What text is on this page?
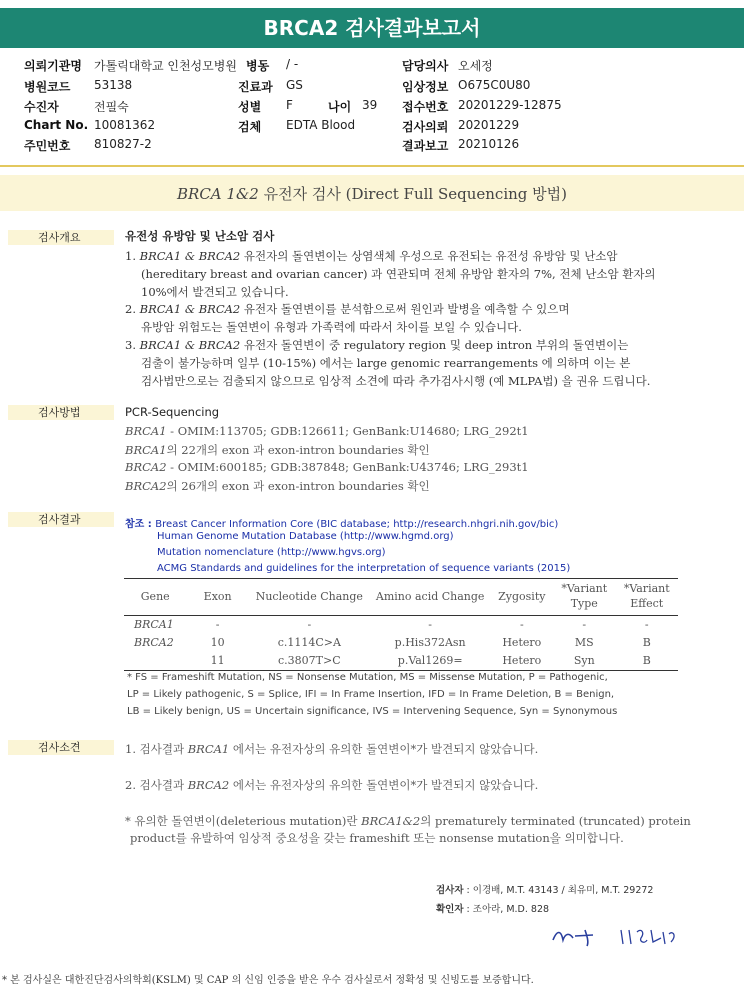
BRCA2 검사결과보고서
의뢰기관명 가톨릭대학교 인천성모병원 병동 / -	담당의사 오세정
병원코드 53138	진료과 GS	임상정보 O675C0U80
수진자	전필숙	성별 F	나이 39 접수번호 20201229-12875
Chart No. 10081362	검체 EDTA Blood	검사의뢰 20201229
주민번호 810827-2	결과보고 20210126
BRCA 1&2 유전자 검사 (Direct Full Sequencing 방법)
검사개요	유전성 유방암 및 난소암 검사
1. BRCA1 & BRCA2 유전자의 돌연변이는 상염색체 우성으로 유전되는 유전성 유방암 및 난소암
(hereditary breast and ovarian cancer) 과 연관되며 전체 유방암 환자의 7%, 전체 난소암 환자의
10%에서 발견되고 있습니다.
2. BRCA1 & BRCA2 유전자 돌연변이를 분석함으로써 원인과 발병을 예측할 수 있으며
유방암 위험도는 돌연변이 유형과 가족력에 따라서 차이를 보일 수 있습니다.
3. BRCA1 & BRCA2 유전자 돌연변이 중 regulatory region 및 deep intron 부위의 돌연변이는
검출이 불가능하며 일부 (10-15%) 에서는 large genomic rearrangements 에 의하며 이는 본
검사법만으로는 검출되지 않으므로 임상적 소견에 따라 추가검사시행 (예 MLPA법) 을 권유 드립니다.
검사방법	PCR-Sequencing
BRCA1 - OMIM:113705; GDB:126611; GenBank:U14680; LRG_292t1
BRCA1의 22개의 exon 과 exon-intron boundaries 확인
BRCA2 - OMIM:600185; GDB:387848; GenBank:U43746; LRG_293t1
BRCA2의 26개의 exon 과 exon-intron boundaries 확인
검사결과	참조 : Breast Cancer Information Core (BIC database; http://research.nhgri.nih.gov/bic)
Human Genome Mutation Database (http://www.hgmd.org)
Mutation nomenclature (http://www.hgvs.org)
ACMG Standards and guidelines for the interpretation of sequence variants (2015)
Gene	Exon	Nucleotide Change	Amino acid Change	Zygosity	*Variant Type	*Variant Effect
BRCA1	-	-	-	-	-	-
BRCA2	10	c.1114C>A	p.His372Asn	Hetero	MS	B
	11	c.3807T>C	p.Val1269=	Hetero	Syn	B
* FS = Frameshift Mutation, NS = Nonsense Mutation, MS = Missense Mutation, P = Pathogenic,
LP = Likely pathogenic, S = Splice, IFI = In Frame Insertion, IFD = In Frame Deletion, B = Benign,
LB = Likely benign, US = Uncertain significance, IVS = Intervening Sequence, Syn = Synonymous
검사소견	1. 검사결과 BRCA1 에서는 유전자상의 유의한 돌연변이*가 발견되지 않았습니다.
2. 검사결과 BRCA2 에서는 유전자상의 유의한 돌연변이*가 발견되지 않았습니다.
* 유의한 돌연변이(deleterious mutation)란 BRCA1&2의 prematurely terminated (truncated) protein
product를 유발하여 임상적 중요성을 갖는 frameshift 또는 nonsense mutation을 의미합니다.
검사자 : 이경배, M.T. 43143 / 최유미, M.T. 29272
확인자 : 조아라, M.D. 828
* 본 검사실은 대한진단검사의학회(KSLM) 및 CAP 의 신임 인증을 받은 우수 검사실로서 정확성 및 신빙도를 보증합니다.
